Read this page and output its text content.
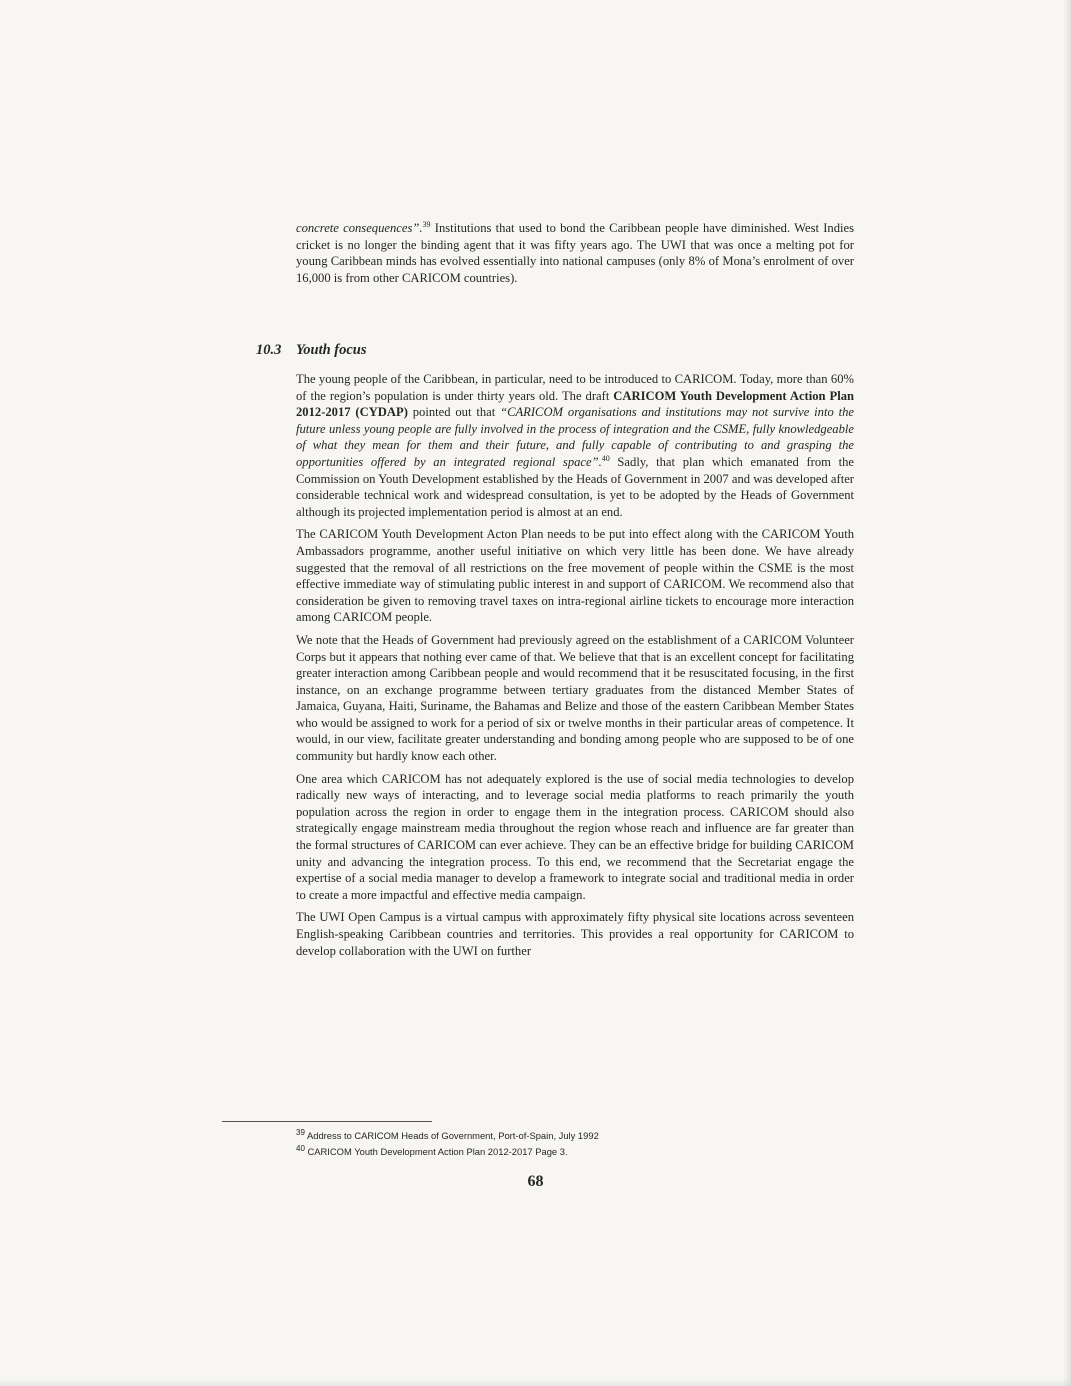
concrete consequences”.$^{39}$ Institutions that used to bond the Caribbean people have diminished. West Indies cricket is no longer the binding agent that it was fifty years ago. The UWI that was once a melting pot for young Caribbean minds has evolved essentially into national campuses (only 8% of Mona’s enrolment of over 16,000 is from other CARICOM countries).

10.3 Youth focus

The young people of the Caribbean, in particular, need to be introduced to CARICOM. Today, more than 60% of the region’s population is under thirty years old. The draft CARICOM Youth Development Action Plan 2012-2017 (CYDAP) pointed out that “CARICOM organisations and institutions may not survive into the future unless young people are fully involved in the process of integration and the CSME, fully knowledgeable of what they mean for them and their future, and fully capable of contributing to and grasping the opportunities offered by an integrated regional space”.$^{40}$ Sadly, that plan which emanated from the Commission on Youth Development established by the Heads of Government in 2007 and was developed after considerable technical work and widespread consultation, is yet to be adopted by the Heads of Government although its projected implementation period is almost at an end.

The CARICOM Youth Development Acton Plan needs to be put into effect along with the CARICOM Youth Ambassadors programme, another useful initiative on which very little has been done. We have already suggested that the removal of all restrictions on the free movement of people within the CSME is the most effective immediate way of stimulating public interest in and support of CARICOM. We recommend also that consideration be given to removing travel taxes on intra-regional airline tickets to encourage more interaction among CARICOM people.

We note that the Heads of Government had previously agreed on the establishment of a CARICOM Volunteer Corps but it appears that nothing ever came of that. We believe that that is an excellent concept for facilitating greater interaction among Caribbean people and would recommend that it be resuscitated focusing, in the first instance, on an exchange programme between tertiary graduates from the distanced Member States of Jamaica, Guyana, Haiti, Suriname, the Bahamas and Belize and those of the eastern Caribbean Member States who would be assigned to work for a period of six or twelve months in their particular areas of competence. It would, in our view, facilitate greater understanding and bonding among people who are supposed to be of one community but hardly know each other.

One area which CARICOM has not adequately explored is the use of social media technologies to develop radically new ways of interacting, and to leverage social media platforms to reach primarily the youth population across the region in order to engage them in the integration process. CARICOM should also strategically engage mainstream media throughout the region whose reach and influence are far greater than the formal structures of CARICOM can ever achieve. They can be an effective bridge for building CARICOM unity and advancing the integration process. To this end, we recommend that the Secretariat engage the expertise of a social media manager to develop a framework to integrate social and traditional media in order to create a more impactful and effective media campaign.

The UWI Open Campus is a virtual campus with approximately fifty physical site locations across seventeen English-speaking Caribbean countries and territories. This provides a real opportunity for CARICOM to develop collaboration with the UWI on further

$^{39}$ Address to CARICOM Heads of Government, Port-of-Spain, July 1992

$^{40}$ CARICOM Youth Development Action Plan 2012-2017 Page 3.

68
